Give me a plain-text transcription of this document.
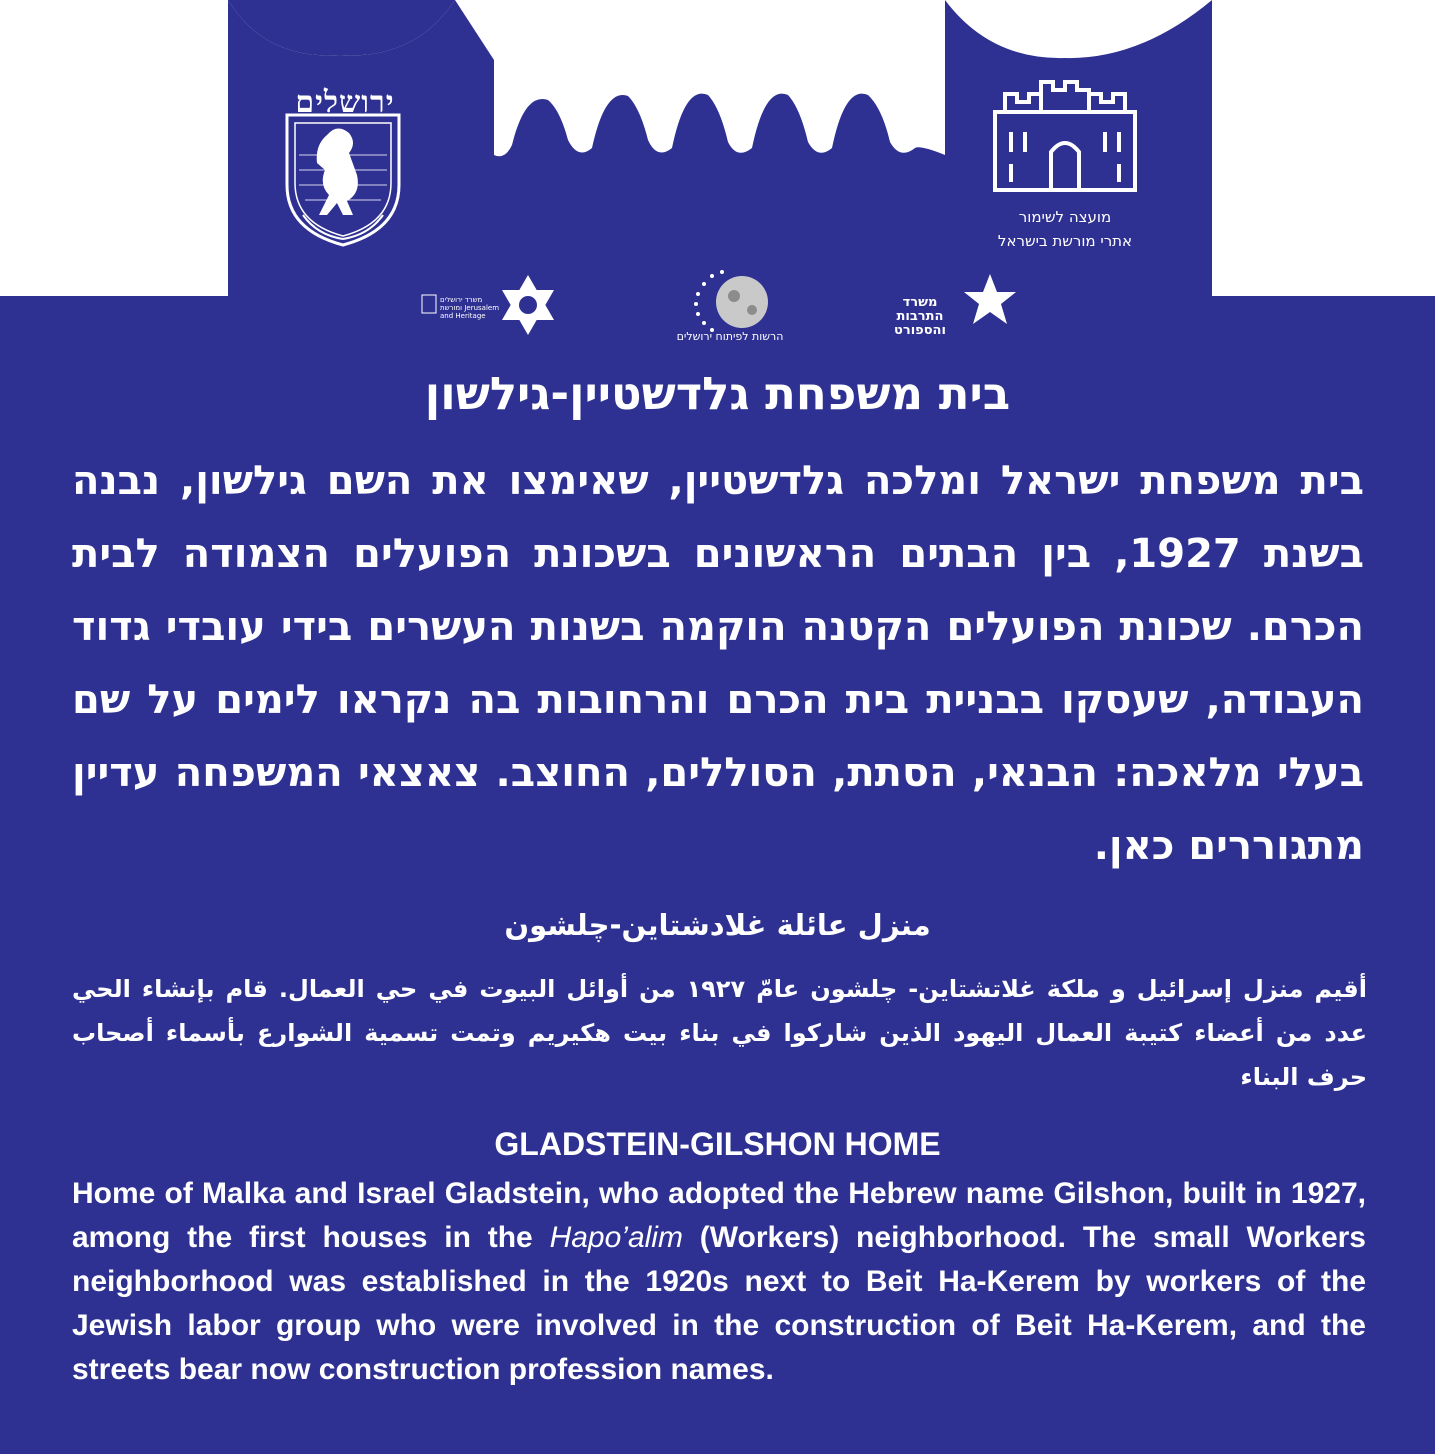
ירושלים
מועצה לשימור
אתרי מורשת בישראל
משרד
התרבות
והספורט
הרשות לפיתוח ירושלים
משרד ירושלים
ומורשת Jerusalem
and Heritage
בית משפחת גלדשטיין-גילשון

בית משפחת ישראל ומלכה גלדשטיין, שאימצו את השם גילשון, נבנה בשנת 1927, בין הבתים הראשונים בשכונת הפועלים הצמודה לבית הכרם. שכונת הפועלים הקטנה הוקמה בשנות העשרים בידי עובדי גדוד העבודה, שעסקו בבניית בית הכרם והרחובות בה נקראו לימים על שם בעלי מלאכה: הבנאי, הסתת, הסוללים, החוצב. צאצאי המשפחה עדיין מתגוררים כאן.

منزل عائلة غلادشتاين-چلشون

أقيم منزل إسرائيل و ملكة غلاتشتاين- چلشون عامّ ١٩٢٧ من أوائل البيوت في حي العمال. قام بإنشاء الحي عدد من أعضاء كتيبة العمال اليهود الذين شاركوا في بناء بيت هكيريم وتمت تسمية الشوارع بأسماء أصحاب حرف البناء

GLADSTEIN-GILSHON HOME

Home of Malka and Israel Gladstein, who adopted the Hebrew name Gilshon, built in 1927, among the first houses in the Hapo’alim (Workers) neighborhood. The small Workers neighborhood was established in the 1920s next to Beit Ha-Kerem by workers of the Jewish labor group who were involved in the construction of Beit Ha-Kerem, and the streets bear now construction profession names.
